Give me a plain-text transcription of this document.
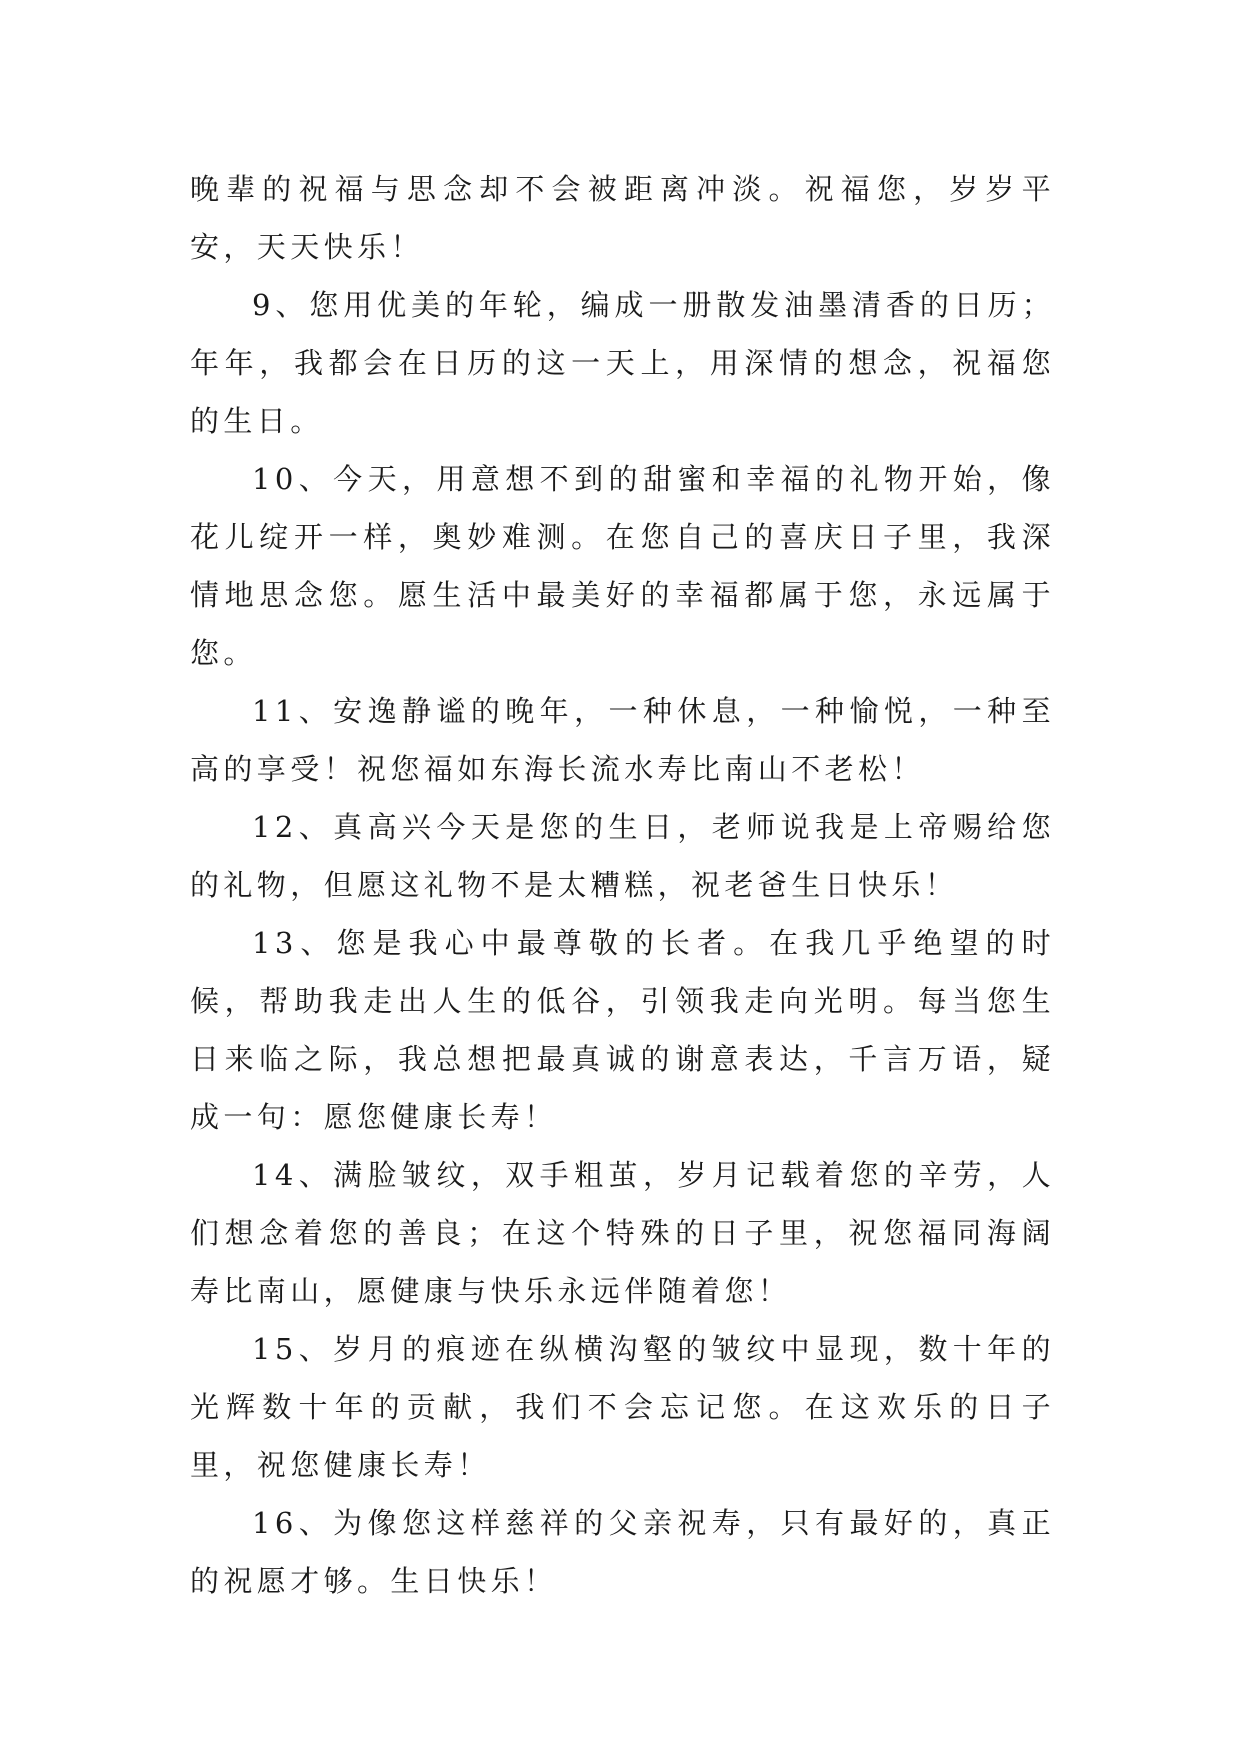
晚辈的祝福与思念却不会被距离冲淡。祝福您，岁岁平安，天天快乐！

9、您用优美的年轮，编成一册散发油墨清香的日历；年年，我都会在日历的这一天上，用深情的想念，祝福您的生日。

10、今天，用意想不到的甜蜜和幸福的礼物开始，像花儿绽开一样，奥妙难测。在您自己的喜庆日子里，我深情地思念您。愿生活中最美好的幸福都属于您，永远属于您。

11、安逸静谧的晚年，一种休息，一种愉悦，一种至高的享受！祝您福如东海长流水寿比南山不老松！

12、真高兴今天是您的生日，老师说我是上帝赐给您的礼物，但愿这礼物不是太糟糕，祝老爸生日快乐！

13、您是我心中最尊敬的长者。在我几乎绝望的时候，帮助我走出人生的低谷，引领我走向光明。每当您生日来临之际，我总想把最真诚的谢意表达，千言万语，疑成一句：愿您健康长寿！

14、满脸皱纹，双手粗茧，岁月记载着您的辛劳，人们想念着您的善良；在这个特殊的日子里，祝您福同海阔寿比南山，愿健康与快乐永远伴随着您！

15、岁月的痕迹在纵横沟壑的皱纹中显现，数十年的光辉数十年的贡献，我们不会忘记您。在这欢乐的日子里，祝您健康长寿！

16、为像您这样慈祥的父亲祝寿，只有最好的，真正的祝愿才够。生日快乐！
